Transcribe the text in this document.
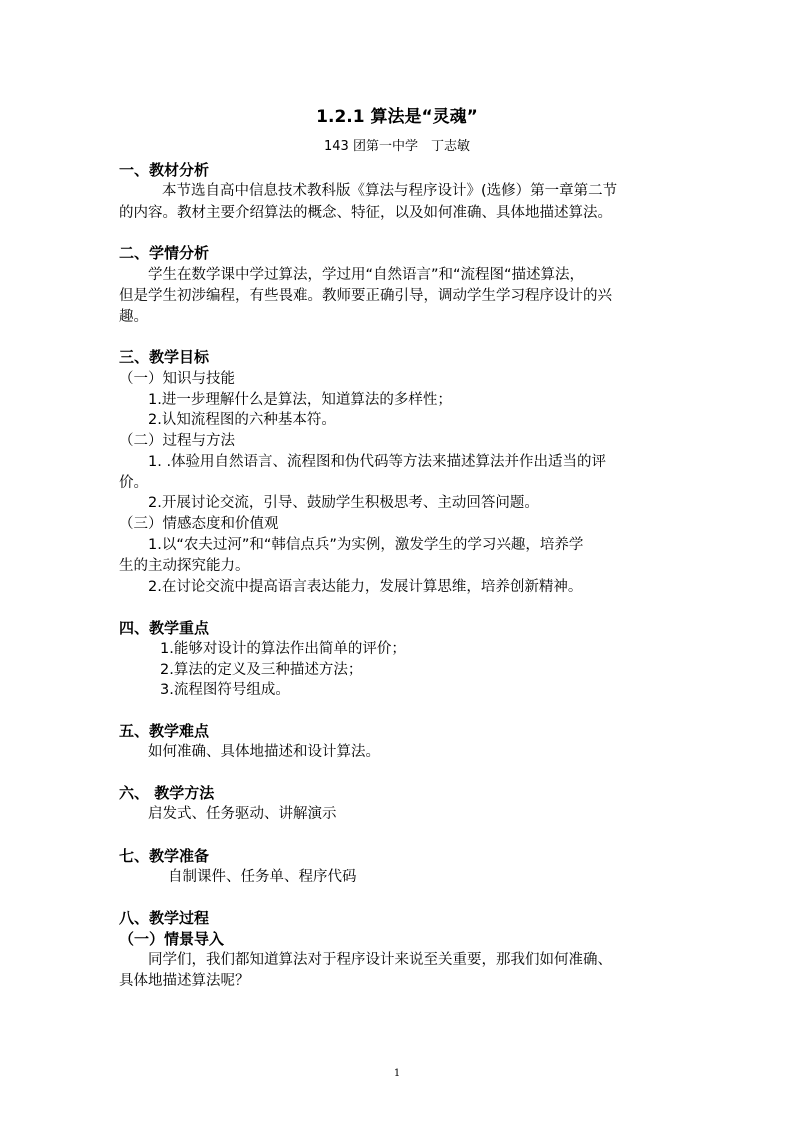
1.2.1 算法是“灵魂”
143 团第一中学　丁志敏
一、教材分析
本节选自高中信息技术教科版《算法与程序设计》(选修）第一章第二节
的内容。教材主要介绍算法的概念、特征，以及如何准确、具体地描述算法。
二、学情分析
学生在数学课中学过算法，学过用“自然语言”和“流程图“描述算法，
但是学生初涉编程，有些畏难。教师要正确引导，调动学生学习程序设计的兴
趣。
三、教学目标
（一）知识与技能
1.进一步理解什么是算法，知道算法的多样性；
2.认知流程图的六种基本符。
（二）过程与方法
1. .体验用自然语言、流程图和伪代码等方法来描述算法并作出适当的评
价。
2.开展讨论交流，引导、鼓励学生积极思考、主动回答问题。
（三）情感态度和价值观
1.以“农夫过河”和“韩信点兵”为实例，激发学生的学习兴趣，培养学
生的主动探究能力。
2.在讨论交流中提高语言表达能力，发展计算思维，培养创新精神。
四、教学重点
1.能够对设计的算法作出简单的评价；
2.算法的定义及三种描述方法；
3.流程图符号组成。
五、教学难点
如何准确、具体地描述和设计算法。
六、 教学方法
启发式、任务驱动、讲解演示
七、教学准备
自制课件、任务单、程序代码
八、教学过程
（一）情景导入
同学们，我们都知道算法对于程序设计来说至关重要，那我们如何准确、
具体地描述算法呢？
1
